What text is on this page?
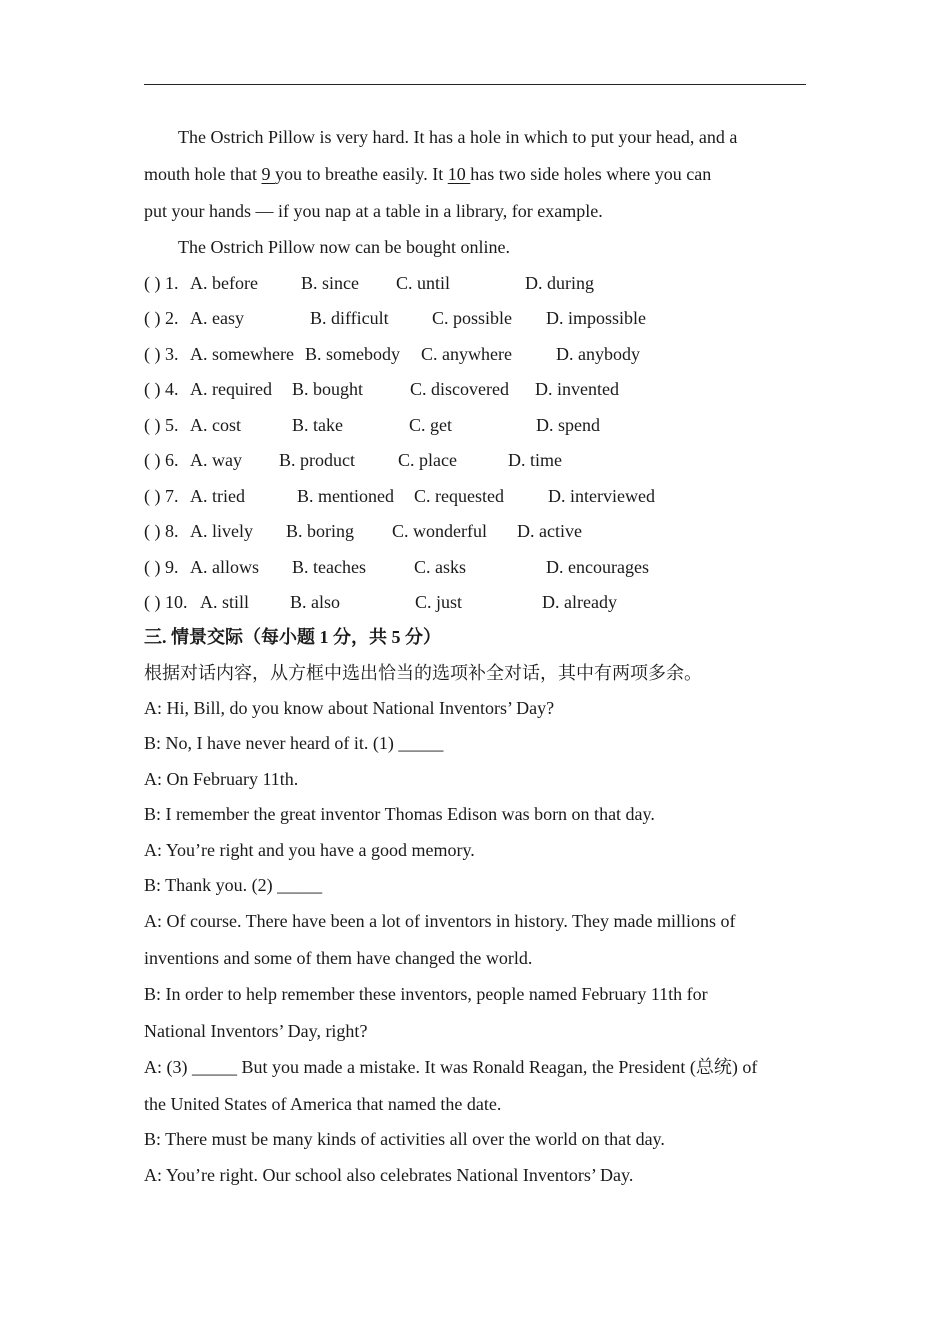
The Ostrich Pillow is very hard. It has a hole in which to put your head, and a
mouth hole that 9 you to breathe easily. It 10 has two side holes where you can
put your hands — if you nap at a table in a library, for example.
The Ostrich Pillow now can be bought online.
( ) 1. A. before B. since C. until	D. during
( ) 2. A. easy	B. difficult C. possible D. impossible
( ) 3. A. somewhere B. somebody C. anywhere D. anybody
( ) 4. A. required B. bought	C. discovered D. invented
( ) 5. A. cost	B. take	C. get	D. spend
( ) 6. A. way B. product C. place	D. time
( ) 7. A. tried	B. mentioned C. requested D. interviewed
( ) 8. A. lively B. boring C. wonderful D. active
( ) 9. A. allows B. teaches	C. asks	D. encourages
( ) 10. A. still B. also	C. just	D. already
三. 情景交际（每小题 1 分，共 5 分）
根据对话内容，从方框中选出恰当的选项补全对话，其中有两项多余。
A: Hi, Bill, do you know about National Inventors’ Day?
B: No, I have never heard of it. (1) _____
A: On February 11th.
B: I remember the great inventor Thomas Edison was born on that day.
A: You’re right and you have a good memory.
B: Thank you. (2) _____
A: Of course. There have been a lot of inventors in history. They made millions of
inventions and some of them have changed the world.
B: In order to help remember these inventors, people named February 11th for
National Inventors’ Day, right?
A: (3) _____ But you made a mistake. It was Ronald Reagan, the President (总统) of
the United States of America that named the date.
B: There must be many kinds of activities all over the world on that day.
A: You’re right. Our school also celebrates National Inventors’ Day.
